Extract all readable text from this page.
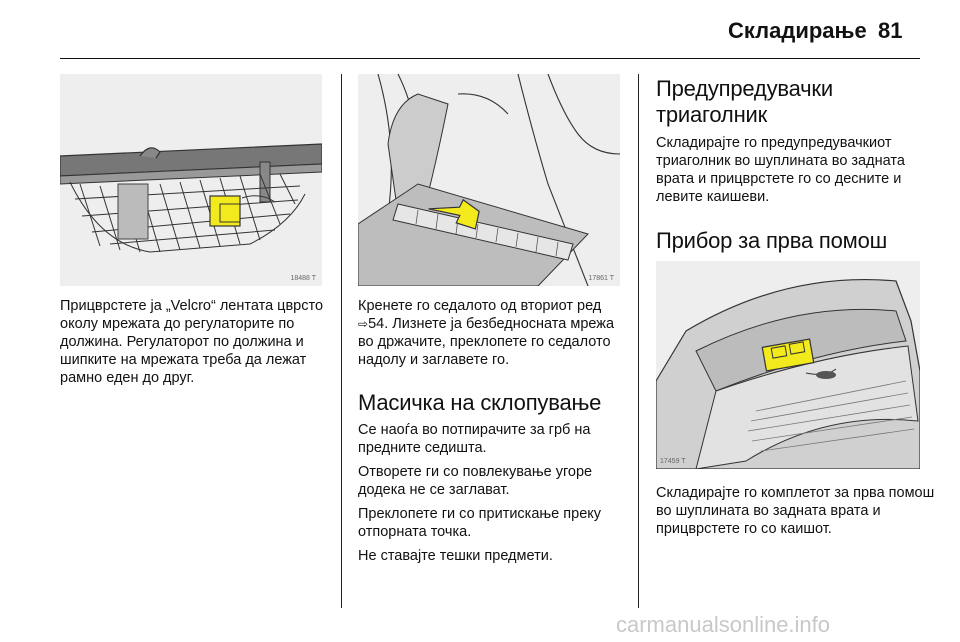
Складирање 81
18488 T
Прицврстете ја „Velcro“ лентата цврсто околу мрежата до регулаторите по должина. Регулаторот по должина и шипките на мрежата треба да лежат рамно еден до друг.
17861 T
Кренете го седалото од вториот ред ⇨54. Лизнете ја безбедносната мрежа во држачите, преклопете го седалото надолу и заглавете го.
Масичка на склопување

Се наоѓа во потпирачите за грб на предните седишта.

Отворете ги со повлекување угоре додека не се заглават.

Преклопете ги со притискање преку отпорната точка.

Не ставајте тешки предмети.

Предупредувачки триаголник
Складирајте го предупредувачкиот триаголник во шуплината во задната врата и прицврстете го со десните и левите каишеви.
Прибор за прва помош
17459 T
Складирајте го комплетот за прва помош во шуплината во задната врата и прицврстете го со каишот.
carmanualsonline.info
